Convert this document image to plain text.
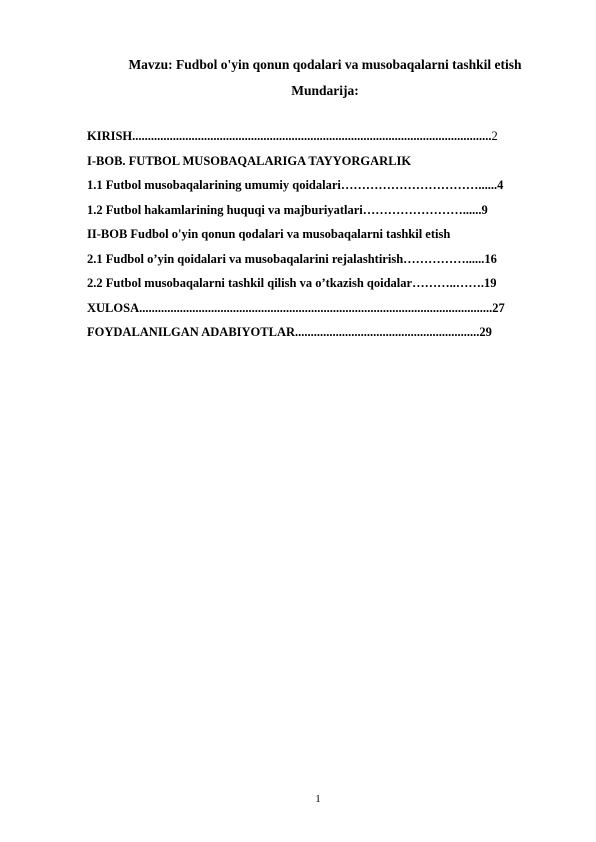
Mavzu: Fudbol o'yin qonun qodalari va musobaqalarni tashkil etish
Mundarija:
KIRISH...................................................................................................................2
I-BOB. FUTBOL MUSOBAQALARIGA TAYYORGARLIK
1.1 Futbol musobaqalarining umumiy qoidalari……………………………......4
1.2 Futbol hakamlarining huquqi va majburiyatlari……………………......9
II-BOB Fudbol o'yin qonun qodalari va musobaqalarni tashkil etish
2.1 Fudbol o’yin qoidalari va musobaqalarini rejalashtirish……………......16
2.2 Futbol musobaqalarni tashkil qilish va o’tkazish qoidalar………..…….19
XULOSA.................................................................................................................27
FOYDALANILGAN ADABIYOTLAR...........................................................29
1
